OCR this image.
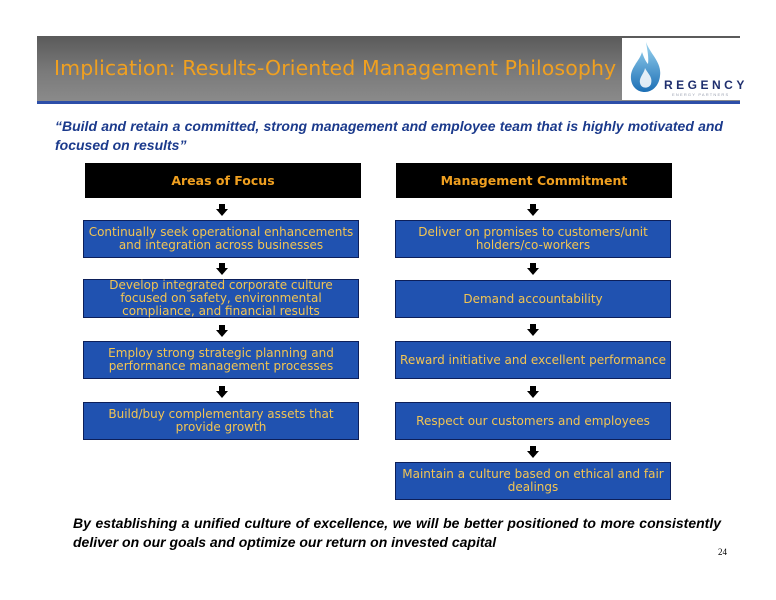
Implication: Results-Oriented Management Philosophy
REGENCY
ENERGY PARTNERS
“Build and retain a committed, strong management and employee team that is highly motivated and focused on results”
Areas of Focus
Continually seek operational enhancements and integration across businesses
Develop integrated corporate culture focused on safety, environmental compliance, and financial results
Employ strong strategic planning and performance management processes
Build/buy complementary assets that provide growth
Management Commitment
Deliver on promises to customers/unit holders/co-workers
Demand accountability
Reward initiative and excellent performance
Respect our customers and employees
Maintain a culture based on ethical and fair dealings
By establishing a unified culture of excellence, we will be better positioned to more consistently deliver on our goals and optimize our return on invested capital
24
